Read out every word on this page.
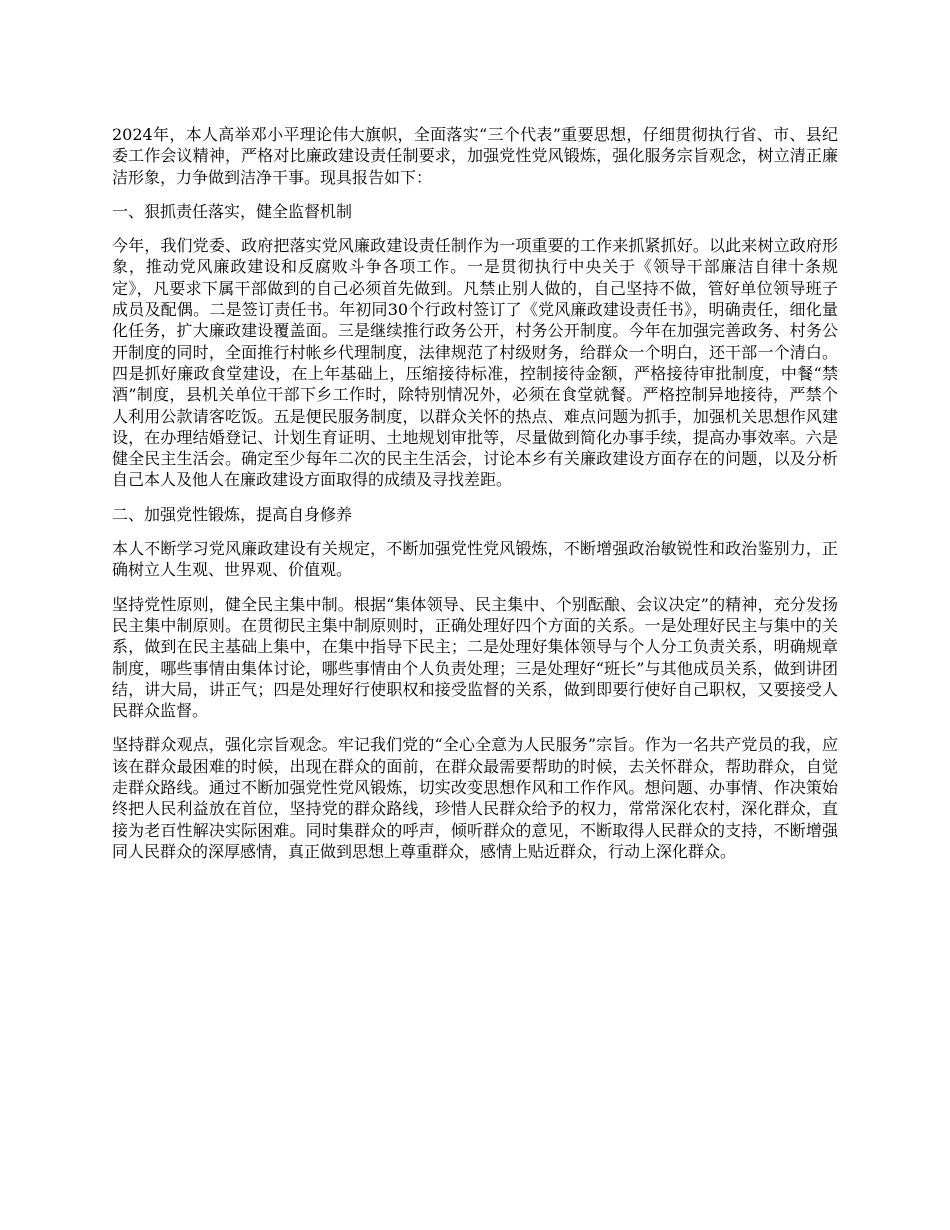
2024年，本人高举邓小平理论伟大旗帜，全面落实“三个代表”重要思想，仔细贯彻执行省、市、县纪委工作会议精神，严格对比廉政建设责任制要求，加强党性党风锻炼，强化服务宗旨观念，树立清正廉洁形象，力争做到洁净干事。现具报告如下：

一、狠抓责任落实，健全监督机制

今年，我们党委、政府把落实党风廉政建设责任制作为一项重要的工作来抓紧抓好。以此来树立政府形象，推动党风廉政建设和反腐败斗争各项工作。一是贯彻执行中央关于《领导干部廉洁自律十条规定》，凡要求下属干部做到的自己必须首先做到。凡禁止别人做的，自己坚持不做，管好单位领导班子成员及配偶。二是签订责任书。年初同30个行政村签订了《党风廉政建设责任书》，明确责任，细化量化任务，扩大廉政建设覆盖面。三是继续推行政务公开，村务公开制度。今年在加强完善政务、村务公开制度的同时，全面推行村帐乡代理制度，法律规范了村级财务，给群众一个明白，还干部一个清白。四是抓好廉政食堂建设，在上年基础上，压缩接待标准，控制接待金额，严格接待审批制度，中餐“禁酒”制度，县机关单位干部下乡工作时，除特别情况外，必须在食堂就餐。严格控制异地接待，严禁个人利用公款请客吃饭。五是便民服务制度，以群众关怀的热点、难点问题为抓手，加强机关思想作风建设，在办理结婚登记、计划生育证明、土地规划审批等，尽量做到简化办事手续，提高办事效率。六是健全民主生活会。确定至少每年二次的民主生活会，讨论本乡有关廉政建设方面存在的问题，以及分析自己本人及他人在廉政建设方面取得的成绩及寻找差距。

二、加强党性锻炼，提高自身修养

本人不断学习党风廉政建设有关规定，不断加强党性党风锻炼，不断增强政治敏锐性和政治鉴别力，正确树立人生观、世界观、价值观。

坚持党性原则，健全民主集中制。根据“集体领导、民主集中、个别酝酿、会议决定”的精神，充分发扬民主集中制原则。在贯彻民主集中制原则时，正确处理好四个方面的关系。一是处理好民主与集中的关系，做到在民主基础上集中，在集中指导下民主；二是处理好集体领导与个人分工负责关系，明确规章制度，哪些事情由集体讨论，哪些事情由个人负责处理；三是处理好“班长”与其他成员关系，做到讲团结，讲大局，讲正气；四是处理好行使职权和接受监督的关系，做到即要行使好自己职权，又要接受人民群众监督。

坚持群众观点，强化宗旨观念。牢记我们党的“全心全意为人民服务”宗旨。作为一名共产党员的我，应该在群众最困难的时候，出现在群众的面前，在群众最需要帮助的时候，去关怀群众，帮助群众，自觉走群众路线。通过不断加强党性党风锻炼，切实改变思想作风和工作作风。想问题、办事情、作决策始终把人民利益放在首位，坚持党的群众路线，珍惜人民群众给予的权力，常常深化农村，深化群众，直接为老百性解决实际困难。同时集群众的呼声，倾听群众的意见，不断取得人民群众的支持，不断增强同人民群众的深厚感情，真正做到思想上尊重群众，感情上贴近群众，行动上深化群众。
